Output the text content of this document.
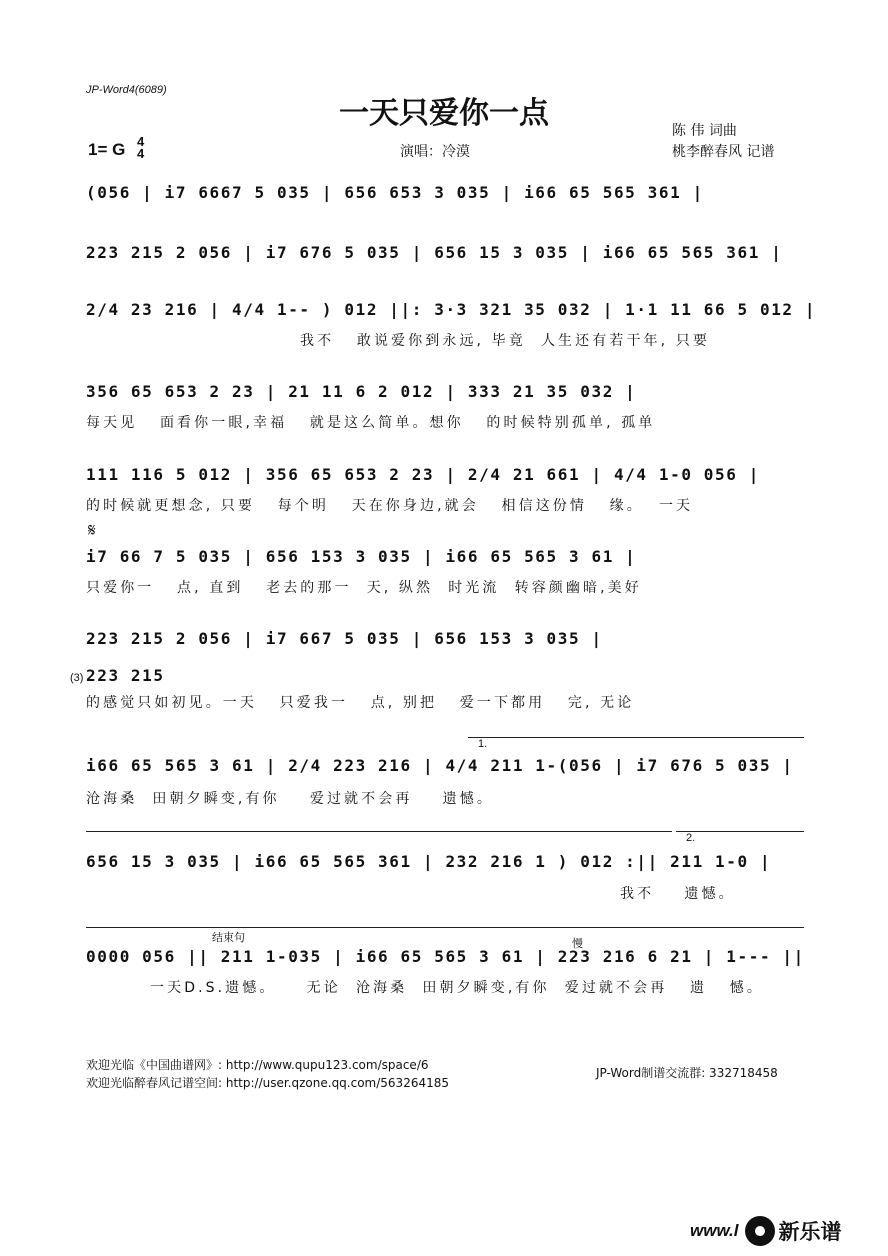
JP-Word4(6089)
一天只爱你一点	陈 伟 词曲
桃李醉春风 记谱
1= G 4
4	演唱：冷漠
(056 | i7 6667 5 035 | 656 653 3 035 | i66 65 565 361 |
223 215 2 056 | i7 676 5 035 | 656 15 3 035 | i66 65 565 361 |
2/4 23 216 | 4/4 1-- ) 012 ||: 3·3 321 35 032 | 1·1 11 66 5 012 |
我不   敢说爱你到永远, 毕竟  人生还有若干年, 只要
356 65 653 2 23 | 21 11 6 2 012 | 333 21 35 032 |
每天见   面看你一眼,幸福   就是这么简单。想你   的时候特别孤单, 孤单
111 116 5 012 | 356 65 653 2 23 | 2/4 21 661 | 4/4 1-0 056 |
的时候就更想念, 只要   每个明   天在你身边,就会   相信这份情   缘。  一天
𝄋
i7 66 7 5 035 | 656 153 3 035 | i66 65 565 3 61 |
只爱你一   点, 直到   老去的那一  天, 纵然  时光流  转容颜幽暗,美好
223 215 2 056 | i7 667 5 035 | 656 153 3 035 |
(3) 223 215
的感觉只如初见。一天   只爱我一   点, 别把   爱一下都用   完, 无论
1.
i66 65 565 3 61 | 2/4 223 216 | 4/4 211 1-(056 | i7 676 5 035 |
沧海桑  田朝夕瞬变,有你    爱过就不会再    遗憾。
2.
656 15 3 035 | i66 65 565 361 | 232 216 1 ) 012 :|| 211 1-0 |
我不    遗憾。
结束句	慢
0000 056 || 211 1-035 | i66 65 565 3 61 | 223 216 6 21 | 1--- ||
一天D.S.遗憾。    无论  沧海桑  田朝夕瞬变,有你  爱过就不会再   遗   憾。
欢迎光临《中国曲谱网》: http://www.qupu123.com/space/6
欢迎光临醉春风记谱空间: http://user.qzone.qq.com/563264185
JP-Word制谱交流群: 332718458
www.l 新乐谱
